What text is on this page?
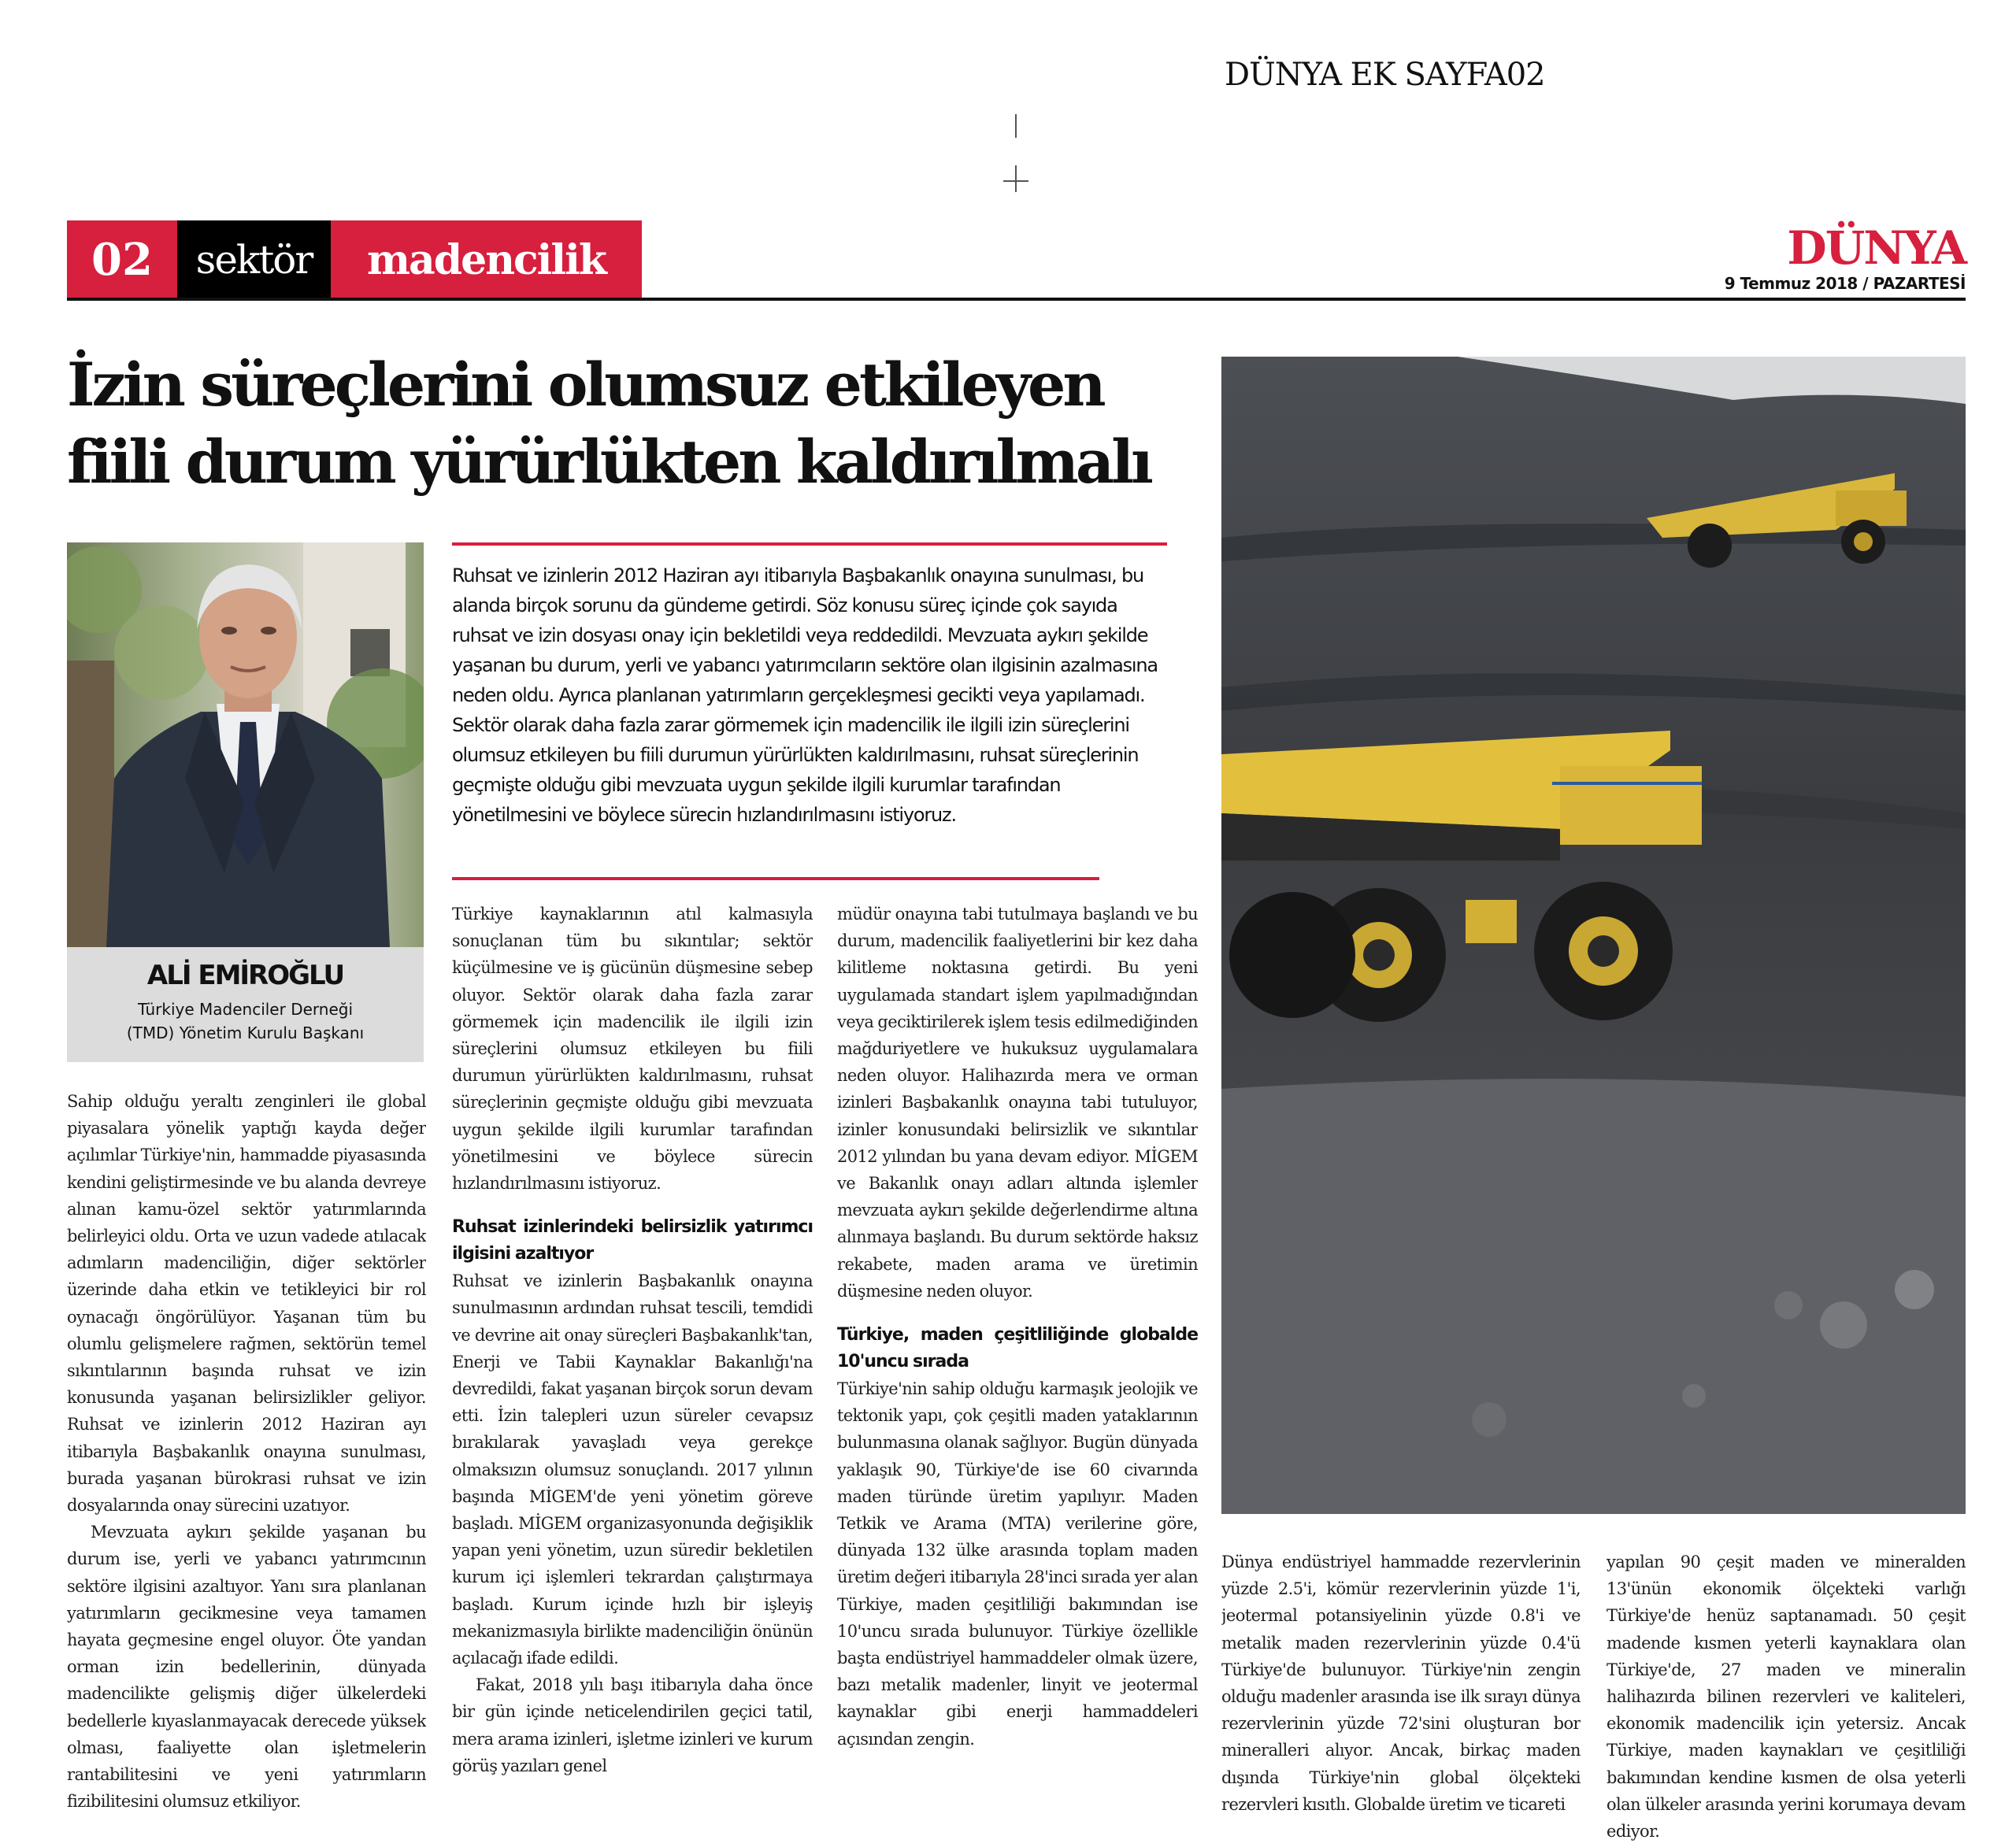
DÜNYA EK SAYFA02
02	sektör	madencilik	DÜNYA
9 Temmuz 2018 / PAZARTESİ
İzin süreçlerini olumsuz etkileyen
fiili durum yürürlükten kaldırılmalı
ALİ EMİROĞLU
Türkiye Madenciler Derneği
(TMD) Yönetim Kurulu Başkanı

Ruhsat ve izinlerin 2012 Haziran ayı itibarıyla Başbakanlık onayına sunulması, bu alanda birçok sorunu da gündeme getirdi. Söz konusu süreç içinde çok sayıda ruhsat ve izin dosyası onay için bekletildi veya reddedildi. Mevzuata aykırı şekilde yaşanan bu durum, yerli ve yabancı yatırımcıların sektöre olan ilgisinin azalmasına neden oldu. Ayrıca planlanan yatırımların gerçekleşmesi gecikti veya yapılamadı. Sektör olarak daha fazla zarar görmemek için madencilik ile ilgili izin süreçlerini olumsuz etkileyen bu fiili durumun yürürlükten kaldırılmasını, ruhsat süreçlerinin geçmişte olduğu gibi mevzuata uygun şekilde ilgili kurumlar tarafından yönetilmesini ve böylece sürecin hızlandırılmasını istiyoruz.

Sahip olduğu yeraltı zenginleri ile global piyasalara yönelik yaptığı kayda değer açılımlar Türkiye'nin, hammadde piyasasında kendini geliştirmesinde ve bu alanda devreye alınan kamu-özel sektör yatırımlarında belirleyici oldu. Orta ve uzun vadede atılacak adımların madenciliğin, diğer sektörler üzerinde daha etkin ve tetikleyici bir rol oynacağı öngörülüyor. Yaşanan tüm bu olumlu gelişmelere rağmen, sektörün temel sıkıntılarının başında ruhsat ve izin konusunda yaşanan belirsizlikler geliyor. Ruhsat ve izinlerin 2012 Haziran ayı itibarıyla Başbakanlık onayına sunulması, burada yaşanan bürokrasi ruhsat ve izin dosyalarında onay sürecini uzatıyor.

Mevzuata aykırı şekilde yaşanan bu durum ise, yerli ve yabancı yatırımcının sektöre ilgisini azaltıyor. Yanı sıra planlanan yatırımların gecikmesine veya tamamen hayata geçmesine engel oluyor. Öte yandan orman izin bedellerinin, dünyada madencilikte gelişmiş diğer ülkelerdeki bedellerle kıyaslanmayacak derecede yüksek olması, faaliyette olan işletmelerin rantabilitesini ve yeni yatırımların fizibilitesini olumsuz etkiliyor.

Türkiye kaynaklarının atıl kalmasıyla sonuçlanan tüm bu sıkıntılar; sektör küçülmesine ve iş gücünün düşmesine sebep oluyor. Sektör olarak daha fazla zarar görmemek için madencilik ile ilgili izin süreçlerini olumsuz etkileyen bu fiili durumun yürürlükten kaldırılmasını, ruhsat süreçlerinin geçmişte olduğu gibi mevzuata uygun şekilde ilgili kurumlar tarafından yönetilmesini ve böylece sürecin hızlandırılmasını istiyoruz.

Ruhsat izinlerindeki belirsizlik yatırımcı ilgisini azaltıyor

Ruhsat ve izinlerin Başbakanlık onayına sunulmasının ardından ruhsat tescili, temdidi ve devrine ait onay süreçleri Başbakanlık'tan, Enerji ve Tabii Kaynaklar Bakanlığı'na devredildi, fakat yaşanan birçok sorun devam etti. İzin talepleri uzun süreler cevapsız bırakılarak yavaşladı veya gerekçe olmaksızın olumsuz sonuçlandı. 2017 yılının başında MİGEM'de yeni yönetim göreve başladı. MİGEM organizasyonunda değişiklik yapan yeni yönetim, uzun süredir bekletilen kurum içi işlemleri tekrardan çalıştırmaya başladı. Kurum içinde hızlı bir işleyiş mekanizmasıyla birlikte madenciliğin önünün açılacağı ifade edildi.

Fakat, 2018 yılı başı itibarıyla daha önce bir gün içinde neticelendirilen geçici tatil, mera arama izinleri, işletme izinleri ve kurum görüş yazıları genel

müdür onayına tabi tutulmaya başlandı ve bu durum, madencilik faaliyetlerini bir kez daha kilitleme noktasına getirdi. Bu yeni uygulamada standart işlem yapılmadığından veya geciktirilerek işlem tesis edilmediğinden mağduriyetlere ve hukuksuz uygulamalara neden oluyor. Halihazırda mera ve orman izinleri Başbakanlık onayına tabi tutuluyor, izinler konusundaki belirsizlik ve sıkıntılar 2012 yılından bu yana devam ediyor. MİGEM ve Bakanlık onayı adları altında işlemler mevzuata aykırı şekilde değerlendirme altına alınmaya başlandı. Bu durum sektörde haksız rekabete, maden arama ve üretimin düşmesine neden oluyor.

Türkiye, maden çeşitliliğinde globalde 10'uncu sırada

Türkiye'nin sahip olduğu karmaşık jeolojik ve tektonik yapı, çok çeşitli maden yataklarının bulunmasına olanak sağlıyor. Bugün dünyada yaklaşık 90, Türkiye'de ise 60 civarında maden türünde üretim yapılıyır. Maden Tetkik ve Arama (MTA) verilerine göre, dünyada 132 ülke arasında toplam maden üretim değeri itibarıyla 28'inci sırada yer alan Türkiye, maden çeşitliliği bakımından ise 10'uncu sırada bulunuyor. Türkiye özellikle başta endüstriyel hammaddeler olmak üzere, bazı metalik madenler, linyit ve jeotermal kaynaklar gibi enerji hammaddeleri açısından zengin.

Dünya endüstriyel hammadde rezervlerinin yüzde 2.5'i, kömür rezervlerinin yüzde 1'i, jeotermal potansiyelinin yüzde 0.8'i ve metalik maden rezervlerinin yüzde 0.4'ü Türkiye'de bulunuyor. Türkiye'nin zengin olduğu madenler arasında ise ilk sırayı dünya rezervlerinin yüzde 72'sini oluşturan bor mineralleri alıyor. Ancak, birkaç maden dışında Türkiye'nin global ölçekteki rezervleri kısıtlı. Globalde üretim ve ticareti

yapılan 90 çeşit maden ve mineralden 13'ünün ekonomik ölçekteki varlığı Türkiye'de henüz saptanamadı. 50 çeşit madende kısmen yeterli kaynaklara olan Türkiye'de, 27 maden ve mineralin halihazırda bilinen rezervleri ve kaliteleri, ekonomik madencilik için yetersiz. Ancak Türkiye, maden kaynakları ve çeşitliliği bakımından kendine kısmen de olsa yeterli olan ülkeler arasında yerini korumaya devam ediyor.
